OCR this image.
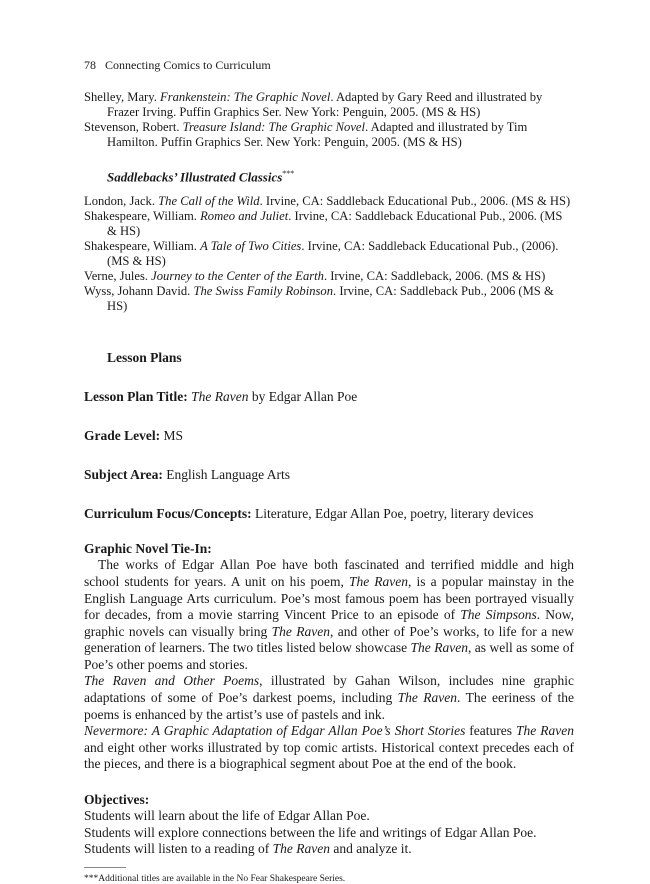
78 Connecting Comics to Curriculum
Shelley, Mary. Frankenstein: The Graphic Novel. Adapted by Gary Reed and illustrated by Frazer Irving. Puffin Graphics Ser. New York: Penguin, 2005. (MS & HS)
Stevenson, Robert. Treasure Island: The Graphic Novel. Adapted and illustrated by Tim Hamilton. Puffin Graphics Ser. New York: Penguin, 2005. (MS & HS)
Saddlebacks’ Illustrated Classics***
London, Jack. The Call of the Wild. Irvine, CA: Saddleback Educational Pub., 2006. (MS & HS)
Shakespeare, William. Romeo and Juliet. Irvine, CA: Saddleback Educational Pub., 2006. (MS & HS)
Shakespeare, William. A Tale of Two Cities. Irvine, CA: Saddleback Educational Pub., (2006). (MS & HS)
Verne, Jules. Journey to the Center of the Earth. Irvine, CA: Saddleback, 2006. (MS & HS)
Wyss, Johann David. The Swiss Family Robinson. Irvine, CA: Saddleback Pub., 2006 (MS & HS)
Lesson Plans
Lesson Plan Title: The Raven by Edgar Allan Poe
Grade Level: MS
Subject Area: English Language Arts
Curriculum Focus/Concepts: Literature, Edgar Allan Poe, poetry, literary devices
Graphic Novel Tie-In:
The works of Edgar Allan Poe have both fascinated and terrified middle and high school students for years. A unit on his poem, The Raven, is a popular mainstay in the English Language Arts curriculum. Poe’s most famous poem has been portrayed visually for decades, from a movie starring Vincent Price to an episode of The Simpsons. Now, graphic novels can visually bring The Raven, and other of Poe’s works, to life for a new generation of learners. The two titles listed below showcase The Raven, as well as some of Poe’s other poems and stories.
The Raven and Other Poems, illustrated by Gahan Wilson, includes nine graphic adaptations of some of Poe’s darkest poems, including The Raven. The eeriness of the poems is enhanced by the artist’s use of pastels and ink.
Nevermore: A Graphic Adaptation of Edgar Allan Poe’s Short Stories features The Raven and eight other works illustrated by top comic artists. Historical context precedes each of the pieces, and there is a biographical segment about Poe at the end of the book.
Objectives:
Students will learn about the life of Edgar Allan Poe.
Students will explore connections between the life and writings of Edgar Allan Poe.
Students will listen to a reading of The Raven and analyze it.
***Additional titles are available in the No Fear Shakespeare Series.
